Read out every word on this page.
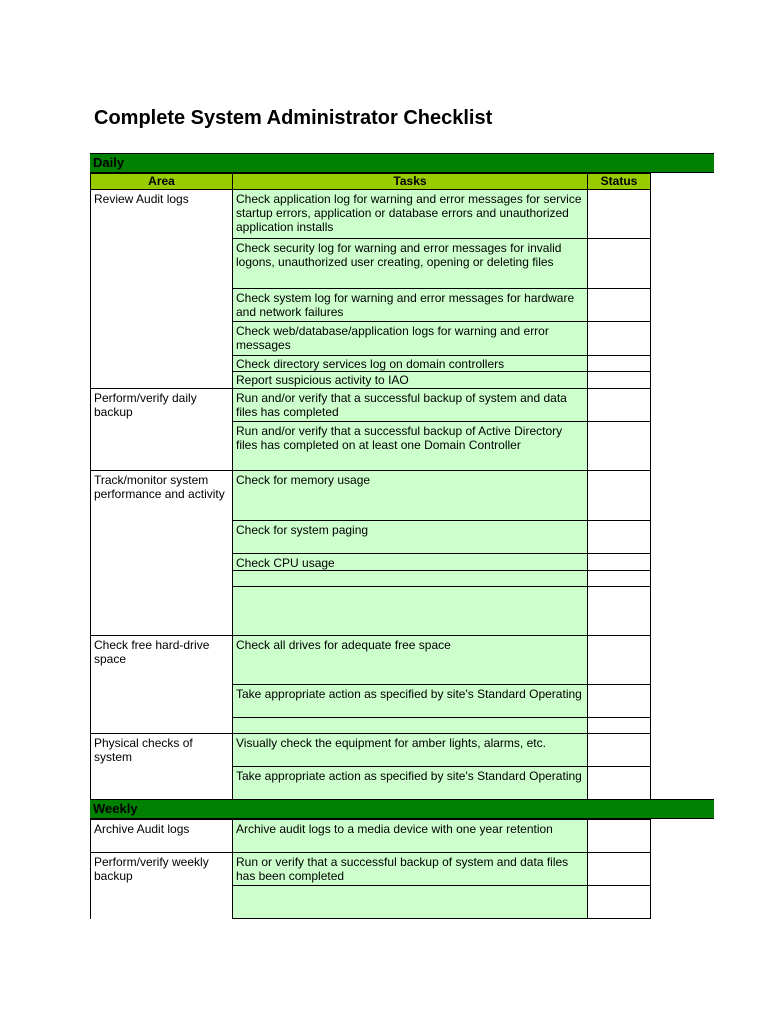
Complete System Administrator Checklist
Daily
Area	Tasks	Status
Review Audit logs
Perform/verify daily backup
Track/monitor system performance and activity
Check free hard-drive space
Physical checks of system
Check application log for warning and error messages for service startup errors, application or database errors and unauthorized application installs
Check security log for warning and error messages for invalid logons, unauthorized user creating, opening or deleting files
Check system log for warning and error messages for hardware and network failures
Check web/database/application logs for warning and error messages
Check directory services log on domain controllers
Report suspicious activity to IAO
Run and/or verify that a successful backup of system and data files has completed
Run and/or verify that a successful backup of Active Directory files has completed on at least one Domain Controller
Check for memory usage
Check for system paging
Check CPU usage
Check all drives for adequate free space
Take appropriate action as specified by site's Standard Operating
Visually check the equipment for amber lights, alarms, etc.
Take appropriate action as specified by site's Standard Operating
Weekly
Archive Audit logs
Perform/verify weekly backup
Archive audit logs to a media device with one year retention
Run or verify that a successful backup of system and data files has been completed
